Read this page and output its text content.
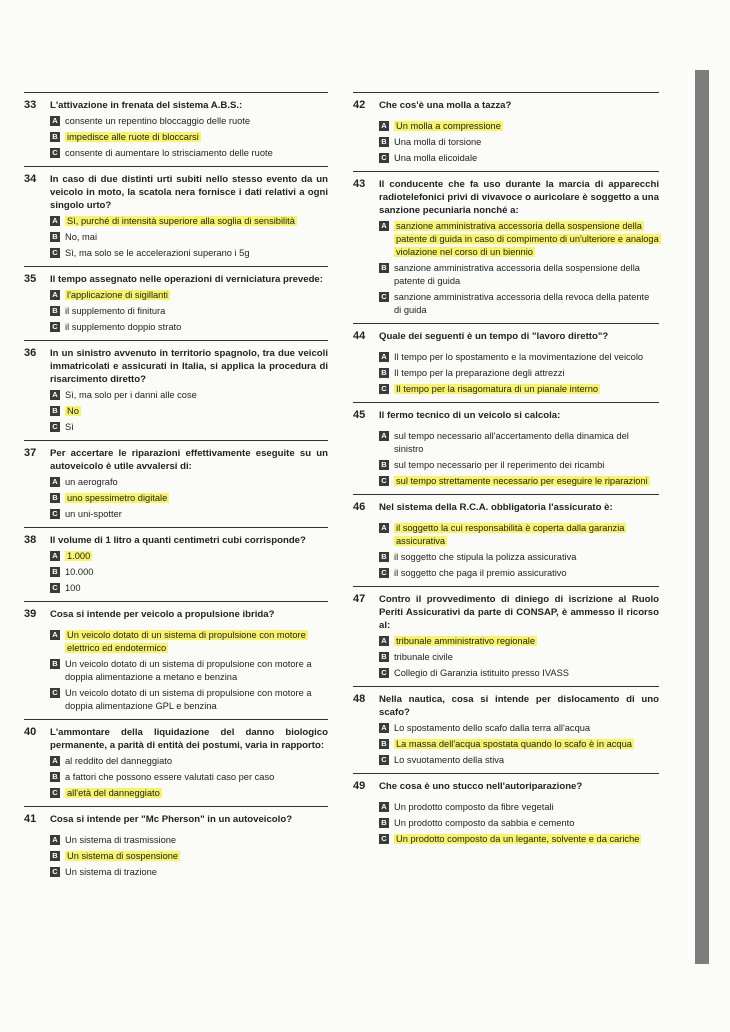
33	L'attivazione in frenata del sistema A.B.S.:
A consente un repentino bloccaggio delle ruote
B impedisce alle ruote di bloccarsi
C consente di aumentare lo strisciamento delle ruote
34	In caso di due distinti urti subiti nello stesso evento da un veicolo in moto, la scatola nera fornisce i dati relativi a ogni singolo urto?
A Sì, purché di intensità superiore alla soglia di sensibilità
B No, mai
C Sì, ma solo se le accelerazioni superano i 5g
35	Il tempo assegnato nelle operazioni di verniciatura prevede:
A l'applicazione di sigillanti
B il supplemento di finitura
C il supplemento doppio strato
36	In un sinistro avvenuto in territorio spagnolo, tra due veicoli immatricolati e assicurati in Italia, si applica la procedura di risarcimento diretto?
A Sì, ma solo per i danni alle cose
B No
C Sì
37	Per accertare le riparazioni effettivamente eseguite su un autoveicolo è utile avvalersi di:
A un aerografo
B uno spessimetro digitale
C un uni-spotter
38	Il volume di 1 litro a quanti centimetri cubi corrisponde?
A 1.000
B 10.000
C 100
39	Cosa si intende per veicolo a propulsione ibrida?
A Un veicolo dotato di un sistema di propulsione con motore elettrico ed endotermico
B Un veicolo dotato di un sistema di propulsione con motore a doppia alimentazione a metano e benzina
C Un veicolo dotato di un sistema di propulsione con motore a doppia alimentazione GPL e benzina
40	L'ammontare della liquidazione del danno biologico permanente, a parità di entità dei postumi, varia in rapporto:
A al reddito del danneggiato
B a fattori che possono essere valutati caso per caso
C all'età del danneggiato
41	Cosa si intende per "Mc Pherson" in un autoveicolo?
A Un sistema di trasmissione
B Un sistema di sospensione
C Un sistema di trazione
42	Che cos'è una molla a tazza?
A Un molla a compressione
B Una molla di torsione
C Una molla elicoidale
43	Il conducente che fa uso durante la marcia di apparecchi radiotelefonici privi di vivavoce o auricolare è soggetto a una sanzione pecuniaria nonché a:
A sanzione amministrativa accessoria della sospensione della patente di guida in caso di compimento di un'ulteriore e analoga violazione nel corso di un biennio
B sanzione amministrativa accessoria della sospensione della patente di guida
C sanzione amministrativa accessoria della revoca della patente di guida
44	Quale dei seguenti è un tempo di "lavoro diretto"?
A Il tempo per lo spostamento e la movimentazione del veicolo
B Il tempo per la preparazione degli attrezzi
C Il tempo per la risagomatura di un pianale interno
45	Il fermo tecnico di un veicolo si calcola:
A sul tempo necessario all'accertamento della dinamica del sinistro
B sul tempo necessario per il reperimento dei ricambi
C sul tempo strettamente necessario per eseguire le riparazioni
46	Nel sistema della R.C.A. obbligatoria l'assicurato è:
A il soggetto la cui responsabilità è coperta dalla garanzia assicurativa
B il soggetto che stipula la polizza assicurativa
C il soggetto che paga il premio assicurativo
47	Contro il provvedimento di diniego di iscrizione al Ruolo Periti Assicurativi da parte di CONSAP, è ammesso il ricorso al:
A tribunale amministrativo regionale
B tribunale civile
C Collegio di Garanzia istituito presso IVASS
48	Nella nautica, cosa si intende per dislocamento di uno scafo?
A Lo spostamento dello scafo dalla terra all'acqua
B La massa dell'acqua spostata quando lo scafo è in acqua
C Lo svuotamento della stiva
49	Che cosa è uno stucco nell'autoriparazione?
A Un prodotto composto da fibre vegetali
B Un prodotto composto da sabbia e cemento
C Un prodotto composto da un legante, solvente e da cariche
